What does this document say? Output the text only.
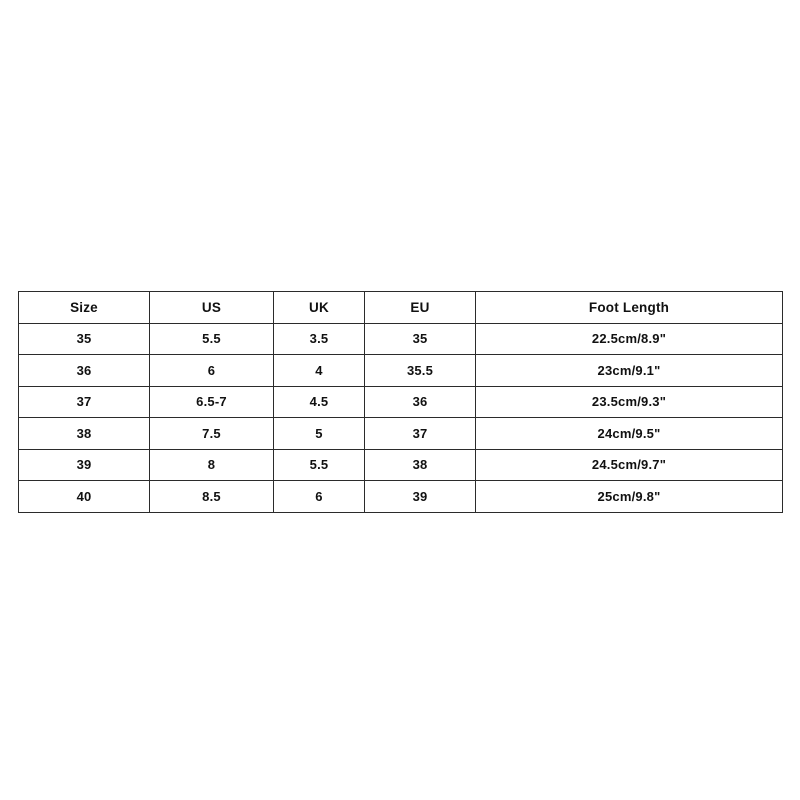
Size	US	UK	EU	Foot Length
35	5.5	3.5	35	22.5cm/8.9"
36	6	4	35.5	23cm/9.1"
37	6.5-7	4.5	36	23.5cm/9.3"
38	7.5	5	37	24cm/9.5"
39	8	5.5	38	24.5cm/9.7"
40	8.5	6	39	25cm/9.8"
